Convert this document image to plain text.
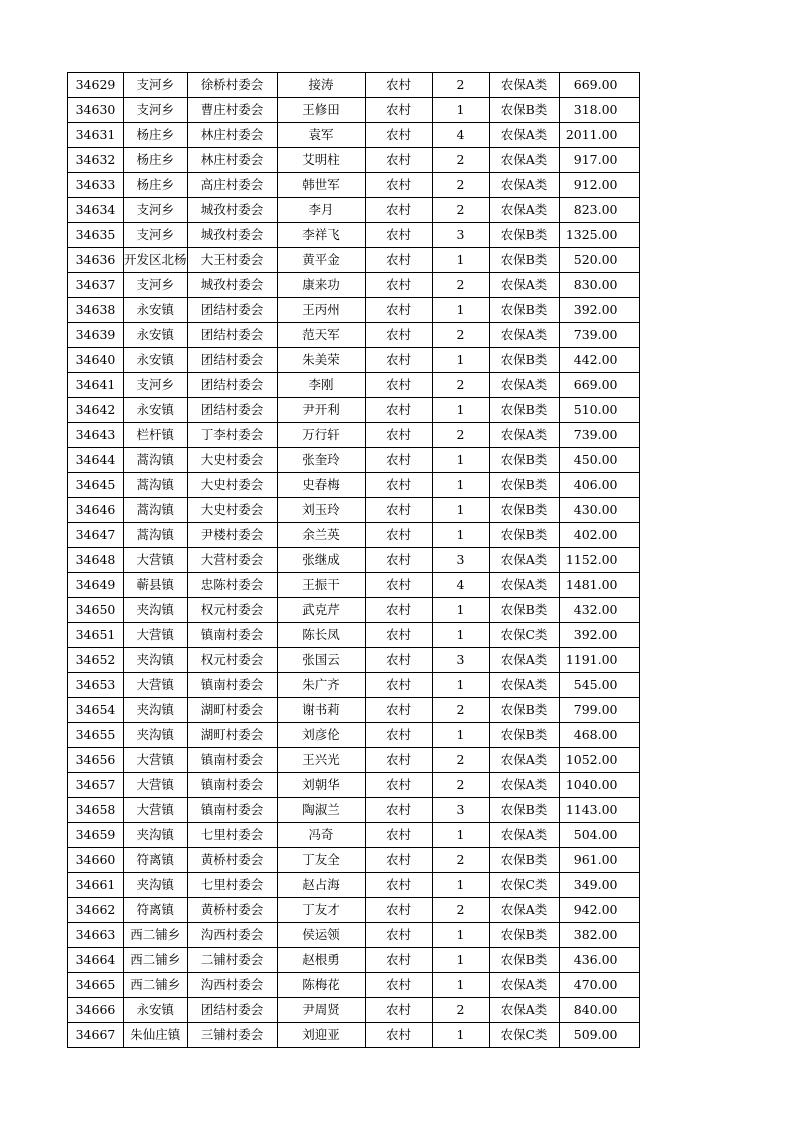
34629	支河乡	徐桥村委会	接涛	农村	2	农保A类	669.00
34630	支河乡	曹庄村委会	王修田	农村	1	农保B类	318.00
34631	杨庄乡	林庄村委会	袁军	农村	4	农保A类	2011.00
34632	杨庄乡	林庄村委会	艾明柱	农村	2	农保A类	917.00
34633	杨庄乡	高庄村委会	韩世军	农村	2	农保A类	912.00
34634	支河乡	城孜村委会	李月	农村	2	农保A类	823.00
34635	支河乡	城孜村委会	李祥飞	农村	3	农保B类	1325.00
34636	开发区北杨	大王村委会	黄平金	农村	1	农保B类	520.00
34637	支河乡	城孜村委会	康来功	农村	2	农保A类	830.00
34638	永安镇	团结村委会	王丙州	农村	1	农保B类	392.00
34639	永安镇	团结村委会	范天军	农村	2	农保A类	739.00
34640	永安镇	团结村委会	朱美荣	农村	1	农保B类	442.00
34641	支河乡	团结村委会	李刚	农村	2	农保A类	669.00
34642	永安镇	团结村委会	尹开利	农村	1	农保B类	510.00
34643	栏杆镇	丁李村委会	万行轩	农村	2	农保A类	739.00
34644	蒿沟镇	大史村委会	张奎玲	农村	1	农保B类	450.00
34645	蒿沟镇	大史村委会	史春梅	农村	1	农保B类	406.00
34646	蒿沟镇	大史村委会	刘玉玲	农村	1	农保B类	430.00
34647	蒿沟镇	尹楼村委会	余兰英	农村	1	农保B类	402.00
34648	大营镇	大营村委会	张继成	农村	3	农保A类	1152.00
34649	蕲县镇	忠陈村委会	王振干	农村	4	农保A类	1481.00
34650	夹沟镇	权元村委会	武克芹	农村	1	农保B类	432.00
34651	大营镇	镇南村委会	陈长凤	农村	1	农保C类	392.00
34652	夹沟镇	权元村委会	张国云	农村	3	农保A类	1191.00
34653	大营镇	镇南村委会	朱广齐	农村	1	农保A类	545.00
34654	夹沟镇	湖町村委会	谢书莉	农村	2	农保B类	799.00
34655	夹沟镇	湖町村委会	刘彦伦	农村	1	农保B类	468.00
34656	大营镇	镇南村委会	王兴光	农村	2	农保A类	1052.00
34657	大营镇	镇南村委会	刘朝华	农村	2	农保A类	1040.00
34658	大营镇	镇南村委会	陶淑兰	农村	3	农保B类	1143.00
34659	夹沟镇	七里村委会	冯奇	农村	1	农保A类	504.00
34660	符离镇	黄桥村委会	丁友全	农村	2	农保B类	961.00
34661	夹沟镇	七里村委会	赵占海	农村	1	农保C类	349.00
34662	符离镇	黄桥村委会	丁友才	农村	2	农保A类	942.00
34663	西二铺乡	沟西村委会	侯运领	农村	1	农保B类	382.00
34664	西二铺乡	二铺村委会	赵根勇	农村	1	农保B类	436.00
34665	西二铺乡	沟西村委会	陈梅花	农村	1	农保A类	470.00
34666	永安镇	团结村委会	尹周贤	农村	2	农保A类	840.00
34667	朱仙庄镇	三铺村委会	刘迎亚	农村	1	农保C类	509.00
